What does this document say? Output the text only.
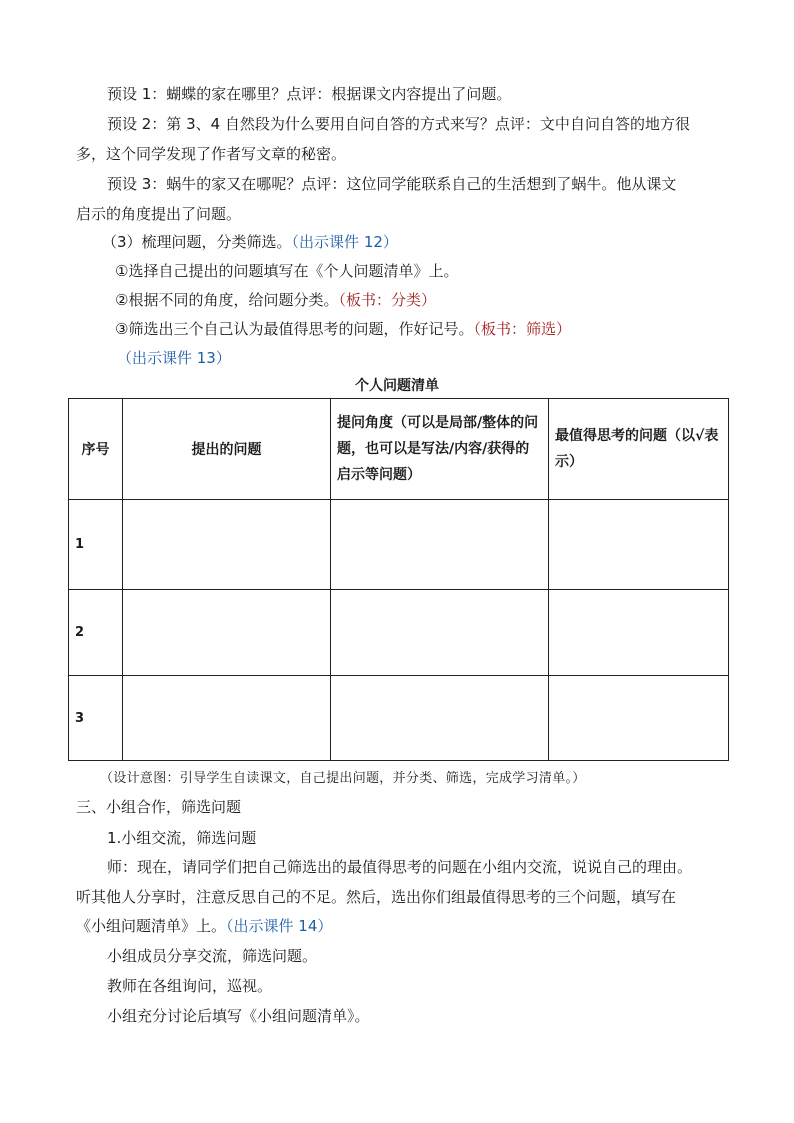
预设 1：蝴蝶的家在哪里？点评：根据课文内容提出了问题。
预设 2：第 3、4 自然段为什么要用自问自答的方式来写？点评：文中自问自答的地方很
多，这个同学发现了作者写文章的秘密。
预设 3：蜗牛的家又在哪呢？点评：这位同学能联系自己的生活想到了蜗牛。他从课文
启示的角度提出了问题。
（3）梳理问题，分类筛选。（出示课件 12）
①选择自己提出的问题填写在《个人问题清单》上。
②根据不同的角度，给问题分类。（板书：分类）
③筛选出三个自己认为最值得思考的问题，作好记号。（板书：筛选）
（出示课件 13）
个人问题清单
序号	提出的问题	提问角度（可以是局部/整体的问题，也可以是写法/内容/获得的启示等问题）	最值得思考的问题（以√表示）
1			
2			
3			
（设计意图：引导学生自读课文，自己提出问题，并分类、筛选，完成学习清单。）
三、小组合作，筛选问题
1.小组交流，筛选问题
师：现在，请同学们把自己筛选出的最值得思考的问题在小组内交流，说说自己的理由。
听其他人分享时，注意反思自己的不足。然后，选出你们组最值得思考的三个问题，填写在
《小组问题清单》上。（出示课件 14）
小组成员分享交流，筛选问题。
教师在各组询问，巡视。
小组充分讨论后填写《小组问题清单》。
